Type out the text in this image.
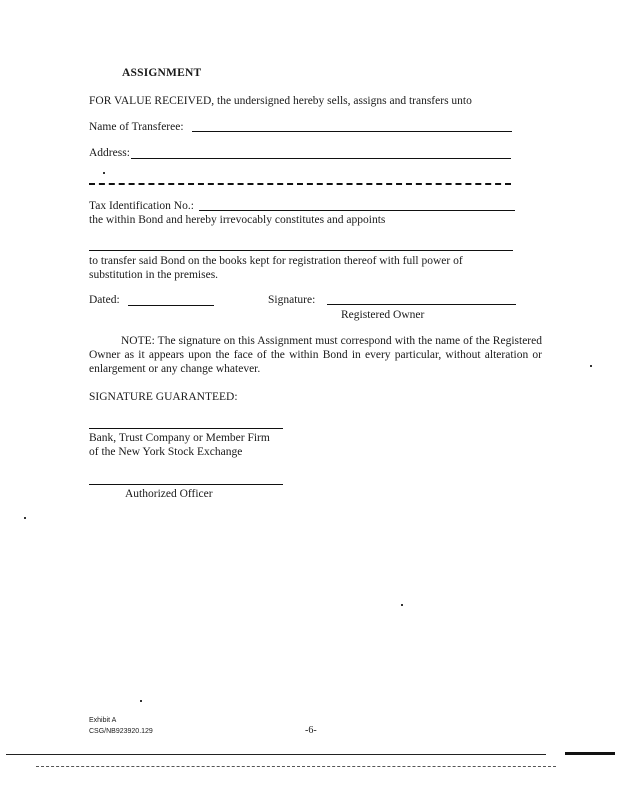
ASSIGNMENT
FOR VALUE RECEIVED, the undersigned hereby sells, assigns and transfers unto
Name of Transferee:
Address:
Tax Identification No.:
the within Bond and hereby irrevocably constitutes and appoints
to transfer said Bond on the books kept for registration thereof with full power of
substitution in the premises.
Dated:	Signature:
Registered Owner
NOTE: The signature on this Assignment must correspond with the name of the Registered Owner as it appears upon the face of the within Bond in every particular, without alteration or enlargement or any change whatever.
SIGNATURE GUARANTEED:
Bank, Trust Company or Member Firm
of the New York Stock Exchange
Authorized Officer
Exhibit A
CSG/NB923920.129	-6-
